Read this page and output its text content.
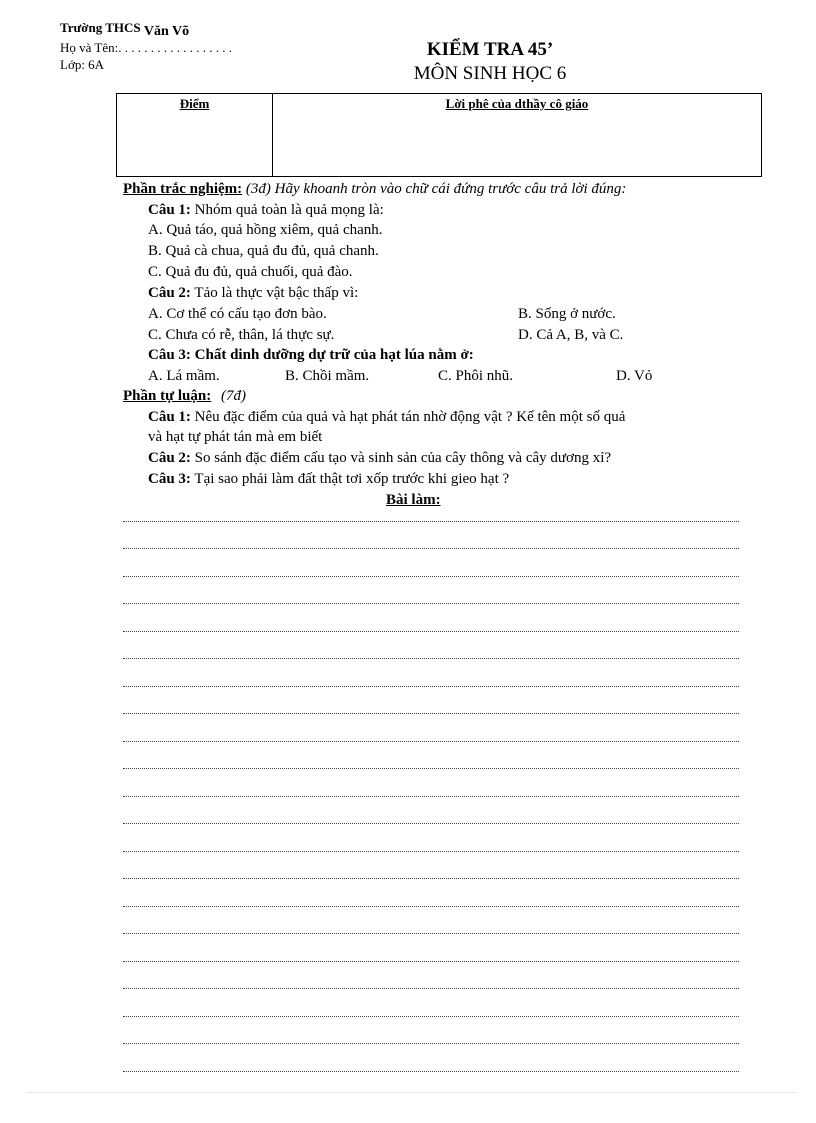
Trường THCS Văn Võ
Họ và Tên:. . . . . . . . . . . . . . . . . .
Lớp: 6A
KIỂM TRA 45’
MÔN SINH HỌC 6
Điểm	Lời phê của dthầy cô giáo
Phần trắc nghiệm: (3đ) Hãy khoanh tròn vào chữ cái đứng trước câu trả lời đúng:
Câu 1: Nhóm quả toàn là quả mọng là:
A. Quả táo, quả hồng xiêm, quả chanh.
B. Quả cà chua, quả đu đủ, quả chanh.
C. Quả đu đủ, quả chuối, quả đào.
Câu 2: Tảo là thực vật bậc thấp vì:
A. Cơ thể có cấu tạo đơn bào.	B. Sống ở nước.
C. Chưa có rễ, thân, lá thực sự.	D. Cả A, B, và C.
Câu 3: Chất dinh dưỡng dự trữ của hạt lúa nằm ở:
A. Lá mầm.	B. Chồi mầm.	C. Phôi nhũ.	D. Vỏ
Phần tự luận: (7đ)
Câu 1: Nêu đặc điểm của quả và hạt phát tán nhờ động vật ? Kể tên một số quả
và hạt tự phát tán mà em biết
Câu 2: So sánh đặc điểm cấu tạo và sinh sản của cây thông và cây dương xỉ?
Câu 3: Tại sao phải làm đất thật tơi xốp trước khi gieo hạt ?
Bài làm:
